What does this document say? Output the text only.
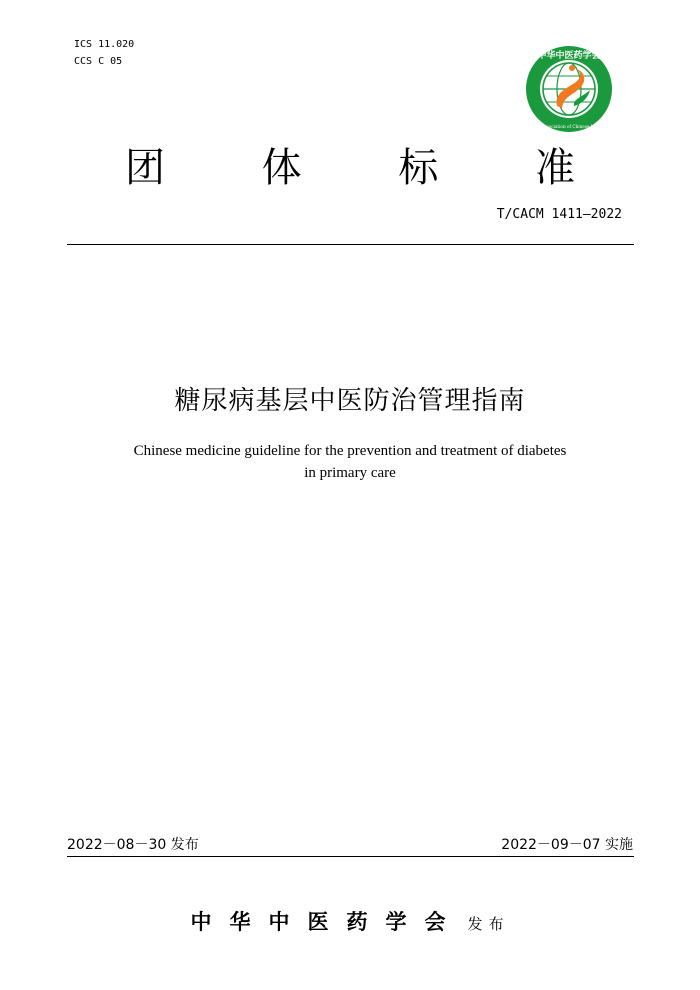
ICS 11.020
CCS C 05	中华中医药学会
China Association of Chinese Medicine
团	体	标	准
T/CACM 1411—2022
糖尿病基层中医防治管理指南
Chinese medicine guideline for the prevention and treatment of diabetes
in primary care
2022－08－30 发布	2022－09－07 实施
中华中医药学会 发布
